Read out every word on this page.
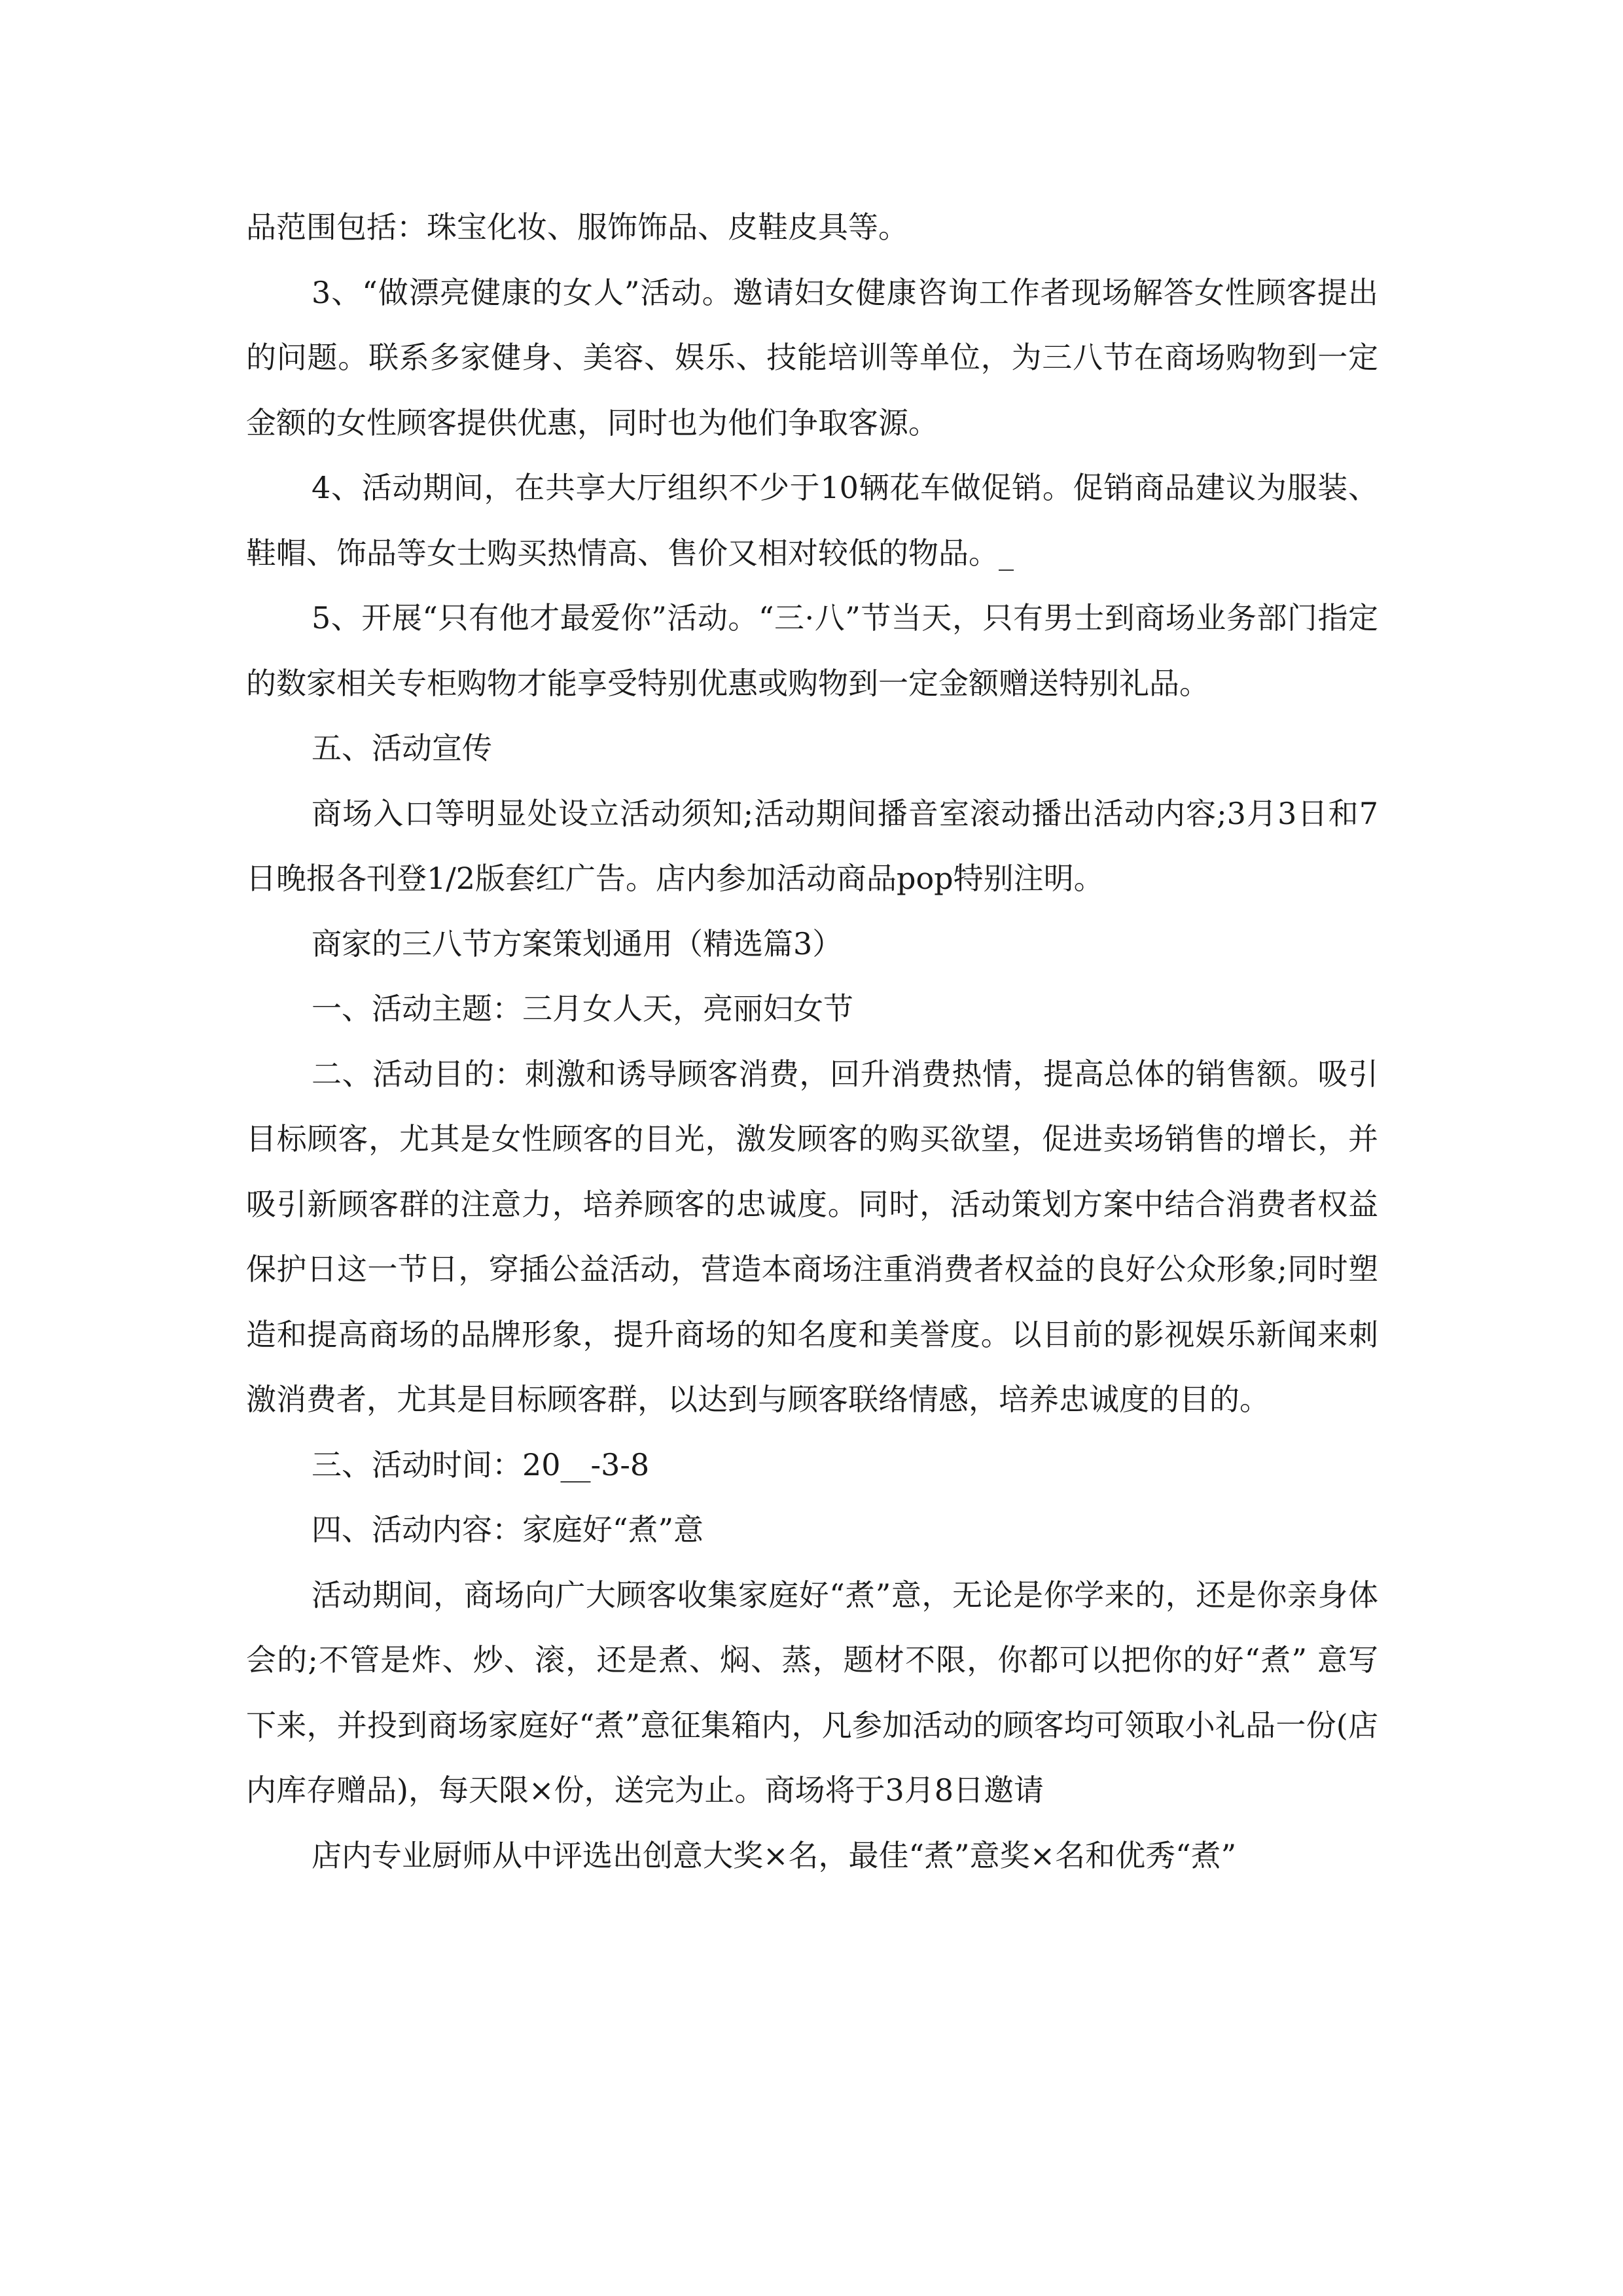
品范围包括：珠宝化妆、服饰饰品、皮鞋皮具等。

3、“做漂亮健康的女人”活动。邀请妇女健康咨询工作者现场解答女性顾客提出的问题。联系多家健身、美容、娱乐、技能培训等单位，为三八节在商场购物到一定金额的女性顾客提供优惠，同时也为他们争取客源。

4、活动期间，在共享大厅组织不少于10辆花车做促销。促销商品建议为服装、鞋帽、饰品等女士购买热情高、售价又相对较低的物品。_

5、开展“只有他才最爱你”活动。“三·八”节当天，只有男士到商场业务部门指定的数家相关专柜购物才能享受特别优惠或购物到一定金额赠送特别礼品。

五、活动宣传

商场入口等明显处设立活动须知;活动期间播音室滚动播出活动内容;3月3日和7日晚报各刊登1/2版套红广告。店内参加活动商品pop特别注明。

商家的三八节方案策划通用（精选篇3）

一、活动主题：三月女人天，亮丽妇女节

二、活动目的：刺激和诱导顾客消费，回升消费热情，提高总体的销售额。吸引目标顾客，尤其是女性顾客的目光，激发顾客的购买欲望，促进卖场销售的增长，并吸引新顾客群的注意力，培养顾客的忠诚度。同时，活动策划方案中结合消费者权益保护日这一节日，穿插公益活动，营造本商场注重消费者权益的良好公众形象;同时塑造和提高商场的品牌形象，提升商场的知名度和美誉度。以目前的影视娱乐新闻来刺激消费者，尤其是目标顾客群，以达到与顾客联络情感，培养忠诚度的目的。

三、活动时间：20__-3-8

四、活动内容：家庭好“煮”意

活动期间，商场向广大顾客收集家庭好“煮”意，无论是你学来的，还是你亲身体会的;不管是炸、炒、滚，还是煮、焖、蒸，题材不限，你都可以把你的好“煮” 意写下来，并投到商场家庭好“煮”意征集箱内，凡参加活动的顾客均可领取小礼品一份(店内库存赠品)，每天限×份，送完为止。商场将于3月8日邀请

店内专业厨师从中评选出创意大奖×名，最佳“煮”意奖×名和优秀“煮”
